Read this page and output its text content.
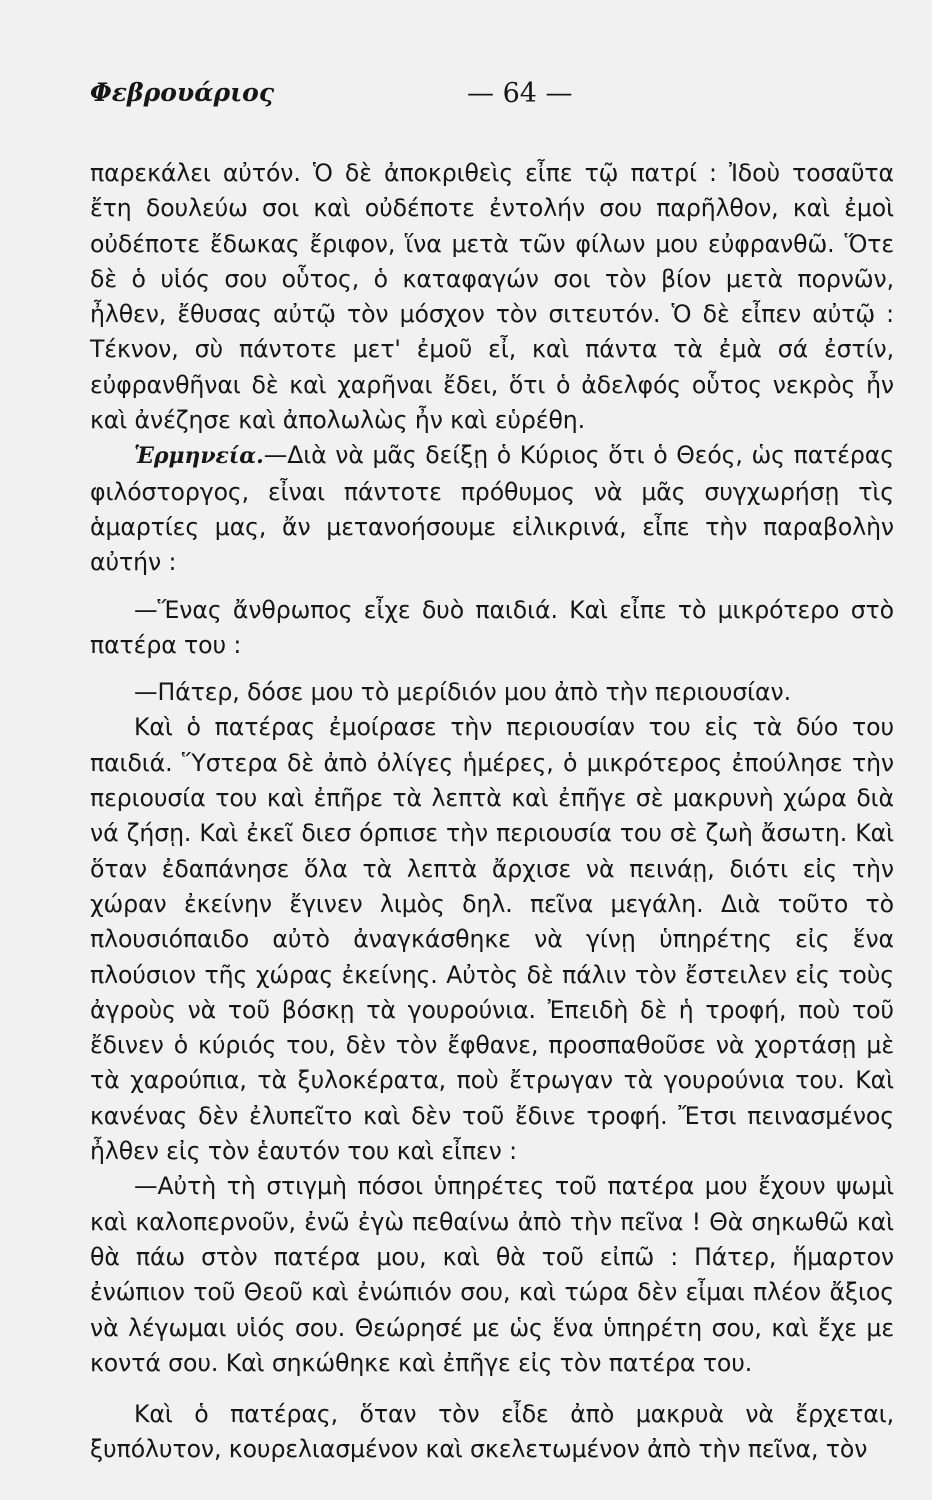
Φεβρουάριος	— 64 —

παρεκάλει αὐτόν. Ὁ δὲ ἀποκριθεὶς εἶπε τῷ πατρί : Ἰδοὺ τοσαῦτα ἔτη δουλεύω σοι καὶ οὐδέποτε ἐντολήν σου παρῆλθον, καὶ ἐμοὶ οὐδέποτε ἔδωκας ἔριφον, ἵνα μετὰ τῶν φίλων μου εὐφρανθῶ. Ὅτε δὲ ὁ υἱός σου οὗτος, ὁ καταφαγών σοι τὸν βίον μετὰ πορνῶν, ἦλθεν, ἔθυσας αὐτῷ τὸν μόσχον τὸν σιτευτόν. Ὁ δὲ εἶπεν αὐτῷ : Τέκνον, σὺ πάντοτε μετ' ἐμοῦ εἶ, καὶ πάντα τὰ ἐμὰ σά ἐστίν, εὐφρανθῆναι δὲ καὶ χαρῆναι ἔδει, ὅτι ὁ ἀδελφός οὗτος νεκρὸς ἦν καὶ ἀνέζησε καὶ ἀπολωλὼς ἦν καὶ εὑρέθη.

Ἑρμηνεία.—Διὰ νὰ μᾶς δείξῃ ὁ Κύριος ὅτι ὁ Θεός, ὡς πατέρας φιλόστοργος, εἶναι πάντοτε πρόθυμος νὰ μᾶς συγχωρήσῃ τὶς ἁμαρτίες μας, ἄν μετανοήσουμε εἰλικρινά, εἶπε τὴν παραβολὴν αὐτήν :

—Ἕνας ἄνθρωπος εἶχε δυὸ παιδιά. Καὶ εἶπε τὸ μικρότερο στὸ πατέρα του :

—Πάτερ, δόσε μου τὸ μερίδιόν μου ἀπὸ τὴν περιουσίαν.

Καὶ ὁ πατέρας ἐμοίρασε τὴν περιουσίαν του εἰς τὰ δύο του παιδιά. Ὕστερα δὲ ἀπὸ ὀλίγες ἡμέρες, ὁ μικρότερος ἐπούλησε τὴν περιουσία του καὶ ἐπῆρε τὰ λεπτὰ καὶ ἐπῆγε σὲ μακρυνὴ χώρα διὰ νά ζήσῃ. Καὶ ἐκεῖ διεσ όρπισε τὴν περιουσία του σὲ ζωὴ ἄσωτη. Καὶ ὅταν ἐδαπάνησε ὅλα τὰ λεπτὰ ἄρχισε νὰ πεινάῃ, διότι εἰς τὴν χώραν ἐκείνην ἔγινεν λιμὸς δηλ. πεῖνα μεγάλη. Διὰ τοῦτο τὸ πλουσιόπαιδο αὐτὸ ἀναγκάσθηκε νὰ γίνῃ ὑπηρέτης εἰς ἕνα πλούσιον τῆς χώρας ἐκείνης. Αὐτὸς δὲ πάλιν τὸν ἔστειλεν εἰς τοὺς ἀγροὺς νὰ τοῦ βόσκῃ τὰ γουρούνια. Ἐπειδὴ δὲ ἡ τροφή, ποὺ τοῦ ἔδινεν ὁ κύριός του, δὲν τὸν ἔφθανε, προσπαθοῦσε νὰ χορτάσῃ μὲ τὰ χαρούπια, τὰ ξυλοκέρατα, ποὺ ἔτρωγαν τὰ γουρούνια του. Καὶ κανένας δὲν ἐλυπεῖτο καὶ δὲν τοῦ ἔδινε τροφή. Ἔτσι πεινασμένος ἦλθεν εἰς τὸν ἑαυτόν του καὶ εἶπεν :

—Αὐτὴ τὴ στιγμὴ πόσοι ὑπηρέτες τοῦ πατέρα μου ἔχουν ψωμὶ καὶ καλοπερνοῦν, ἐνῶ ἐγὼ πεθαίνω ἀπὸ τὴν πεῖνα ! Θὰ σηκωθῶ καὶ θὰ πάω στὸν πατέρα μου, καὶ θὰ τοῦ εἰπῶ : Πάτερ, ἥμαρτον ἐνώπιον τοῦ Θεοῦ καὶ ἐνώπιόν σου, καὶ τώρα δὲν εἶμαι πλέον ἄξιος νὰ λέγωμαι υἱός σου. Θεώρησέ με ὡς ἕνα ὑπηρέτη σου, καὶ ἔχε με κοντά σου. Καὶ σηκώθηκε καὶ ἐπῆγε εἰς τὸν πατέρα του.

Καὶ ὁ πατέρας, ὅταν τὸν εἶδε ἀπὸ μακρυὰ νὰ ἔρχεται, ξυπόλυτον, κουρελιασμένον καὶ σκελετωμένον ἀπὸ τὴν πεῖνα, τὸν
